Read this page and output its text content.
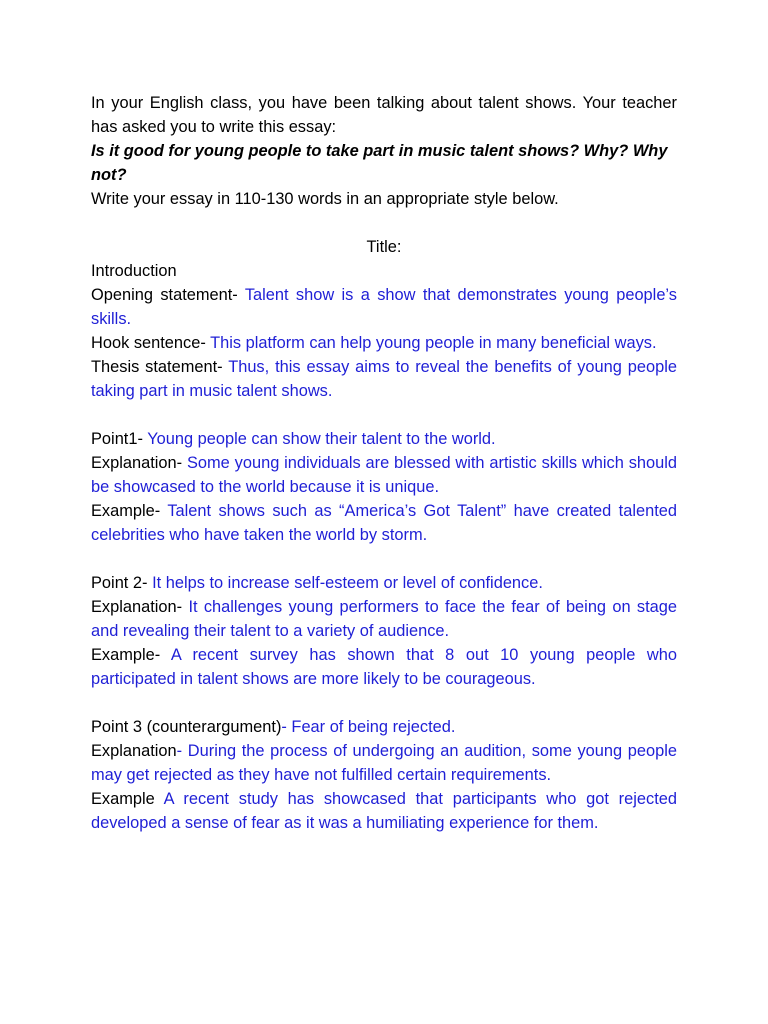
In your English class, you have been talking about talent shows. Your teacher has asked you to write this essay:

Is it good for young people to take part in music talent shows? Why? Why not?

Write your essay in 110-130 words in an appropriate style below.

Title:

Introduction

Opening statement- Talent show is a show that demonstrates young people’s skills.

Hook sentence- This platform can help young people in many beneficial ways.

Thesis statement- Thus, this essay aims to reveal the benefits of young people taking part in music talent shows.

Point1- Young people can show their talent to the world.

Explanation- Some young individuals are blessed with artistic skills which should be showcased to the world because it is unique.

Example- Talent shows such as “America’s Got Talent” have created talented celebrities who have taken the world by storm.

Point 2- It helps to increase self-esteem or level of confidence.

Explanation- It challenges young performers to face the fear of being on stage and revealing their talent to a variety of audience.

Example- A recent survey has shown that 8 out 10 young people who participated in talent shows are more likely to be courageous.

Point 3 (counterargument)- Fear of being rejected.

Explanation- During the process of undergoing an audition, some young people may get rejected as they have not fulfilled certain requirements.

Example A recent study has showcased that participants who got rejected developed a sense of fear as it was a humiliating experience for them.
